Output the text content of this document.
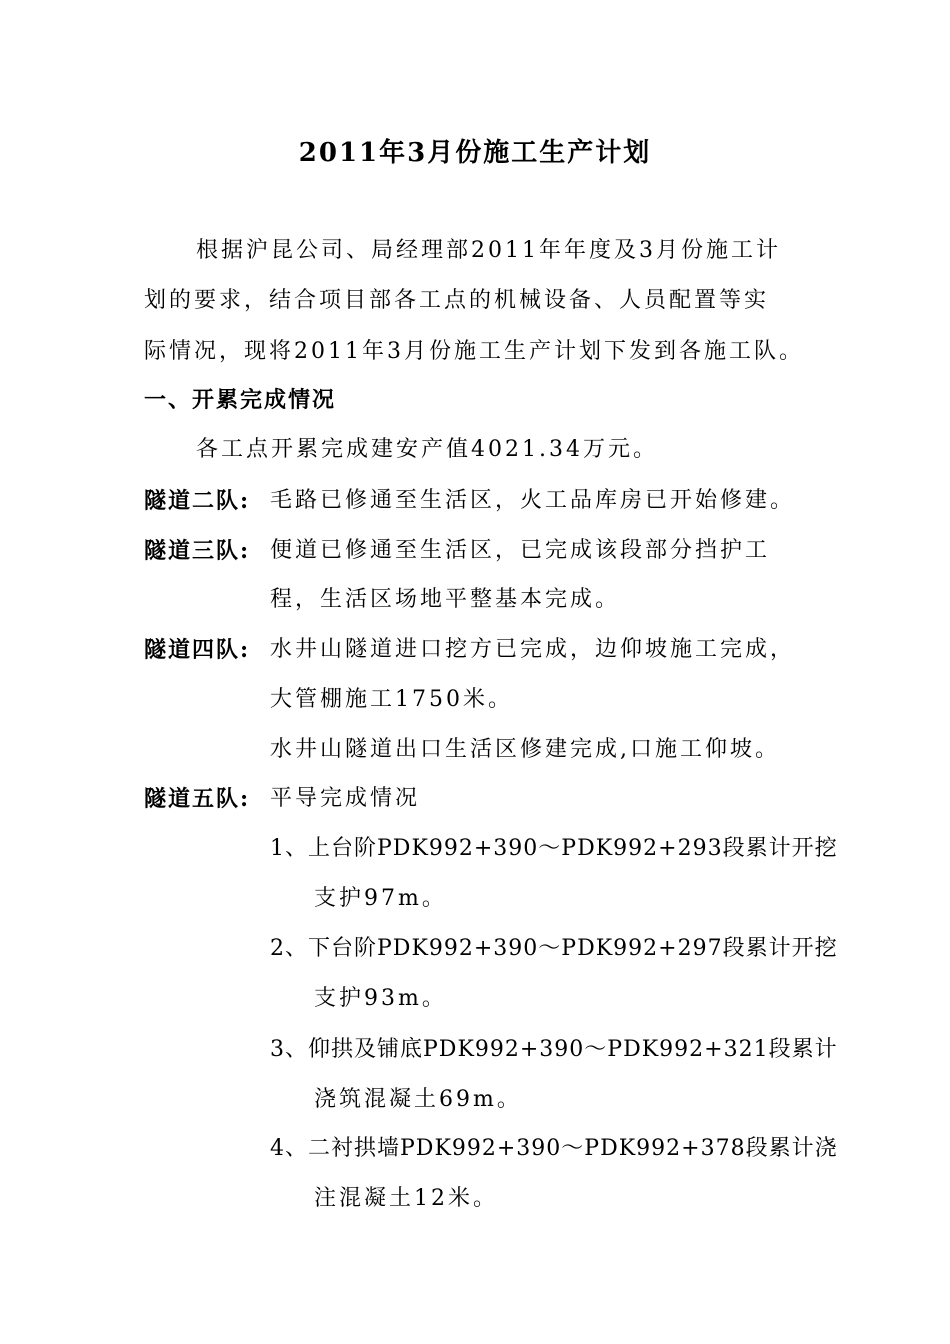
2011年3月份施工生产计划
根据沪昆公司、局经理部2011年年度及3月份施工计
划的要求，结合项目部各工点的机械设备、人员配置等实
际情况，现将2011年3月份施工生产计划下发到各施工队。
一、开累完成情况
各工点开累完成建安产值4021.34万元。
隧道二队: 毛路已修通至生活区，火工品库房已开始修建。
隧道三队: 便道已修通至生活区，已完成该段部分挡护工
程，生活区场地平整基本完成。
隧道四队: 水井山隧道进口挖方已完成，边仰坡施工完成，
大管棚施工1750米。
水井山隧道出口生活区修建完成,口施工仰坡。
隧道五队: 平导完成情况
1、上台阶PDK992+390～PDK992+293段累计开挖
支护97m。
2、下台阶PDK992+390～PDK992+297段累计开挖
支护93m。
3、仰拱及铺底PDK992+390～PDK992+321段累计
浇筑混凝土69m。
4、二衬拱墙PDK992+390～PDK992+378段累计浇
注混凝土12米。
